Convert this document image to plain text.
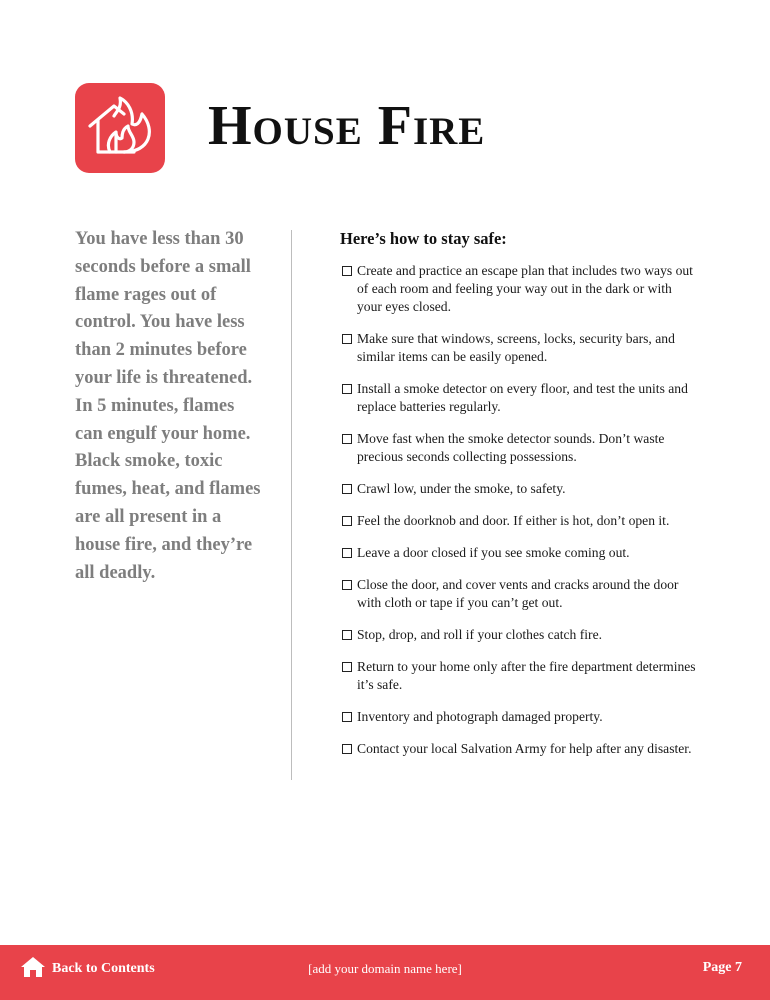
House Fire

You have less than 30 seconds before a small flame rages out of control. You have less than 2 minutes before your life is threatened. In 5 minutes, flames can engulf your home. Black smoke, toxic fumes, heat, and flames are all present in a house fire, and they’re all deadly.

Here’s how to stay safe:
Create and practice an escape plan that includes two ways out of each room and feeling your way out in the dark or with your eyes closed.
Make sure that windows, screens, locks, security bars, and similar items can be easily opened.
Install a smoke detector on every floor, and test the units and replace batteries regularly.
Move fast when the smoke detector sounds. Don’t waste precious seconds collecting possessions.
Crawl low, under the smoke, to safety.
Feel the doorknob and door. If either is hot, don’t open it.
Leave a door closed if you see smoke coming out.
Close the door, and cover vents and cracks around the door with cloth or tape if you can’t get out.
Stop, drop, and roll if your clothes catch fire.
Return to your home only after the fire department determines it’s safe.
Inventory and photograph damaged property.
Contact your local Salvation Army for help after any disaster.
Back to Contents	[add your domain name here]	Page 7
